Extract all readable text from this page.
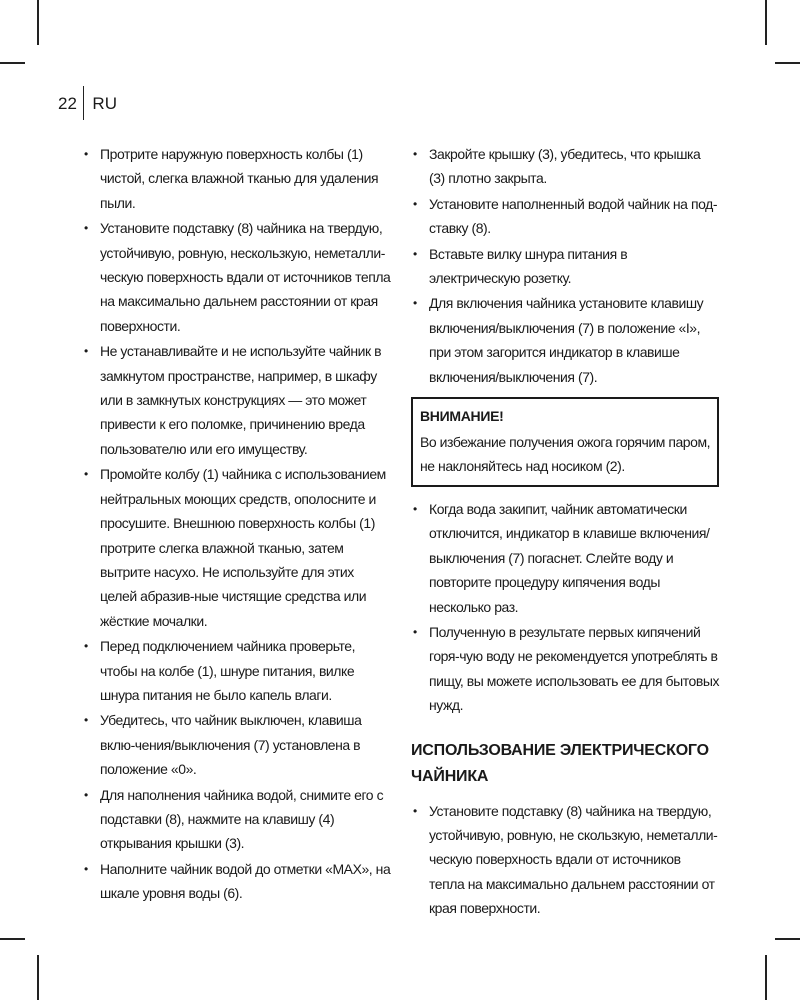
22 RU
• Протрите наружную поверхность колбы (1) чистой, слегка влажной тканью для удаления пыли.
• Установите подставку (8) чайника на твердую, устойчивую, ровную, нескользкую, неметалли-ческую поверхность вдали от источников тепла на максимально дальнем расстоянии от края поверхности.
• Не устанавливайте и не используйте чайник в замкнутом пространстве, например, в шкафу или в замкнутых конструкциях — это может привести к его поломке, причинению вреда пользователю или его имуществу.
• Промойте колбу (1) чайника с использованием нейтральных моющих средств, ополосните и просушите. Внешнюю поверхность колбы (1) протрите слегка влажной тканью, затем вытрите насухо. Не используйте для этих целей абразив-ные чистящие средства или жёсткие мочалки.
• Перед подключением чайника проверьте, чтобы на колбе (1), шнуре питания, вилке шнура питания не было капель влаги.
• Убедитесь, что чайник выключен, клавиша вклю-чения/выключения (7) установлена в положение «0».
• Для наполнения чайника водой, снимите его с подставки (8), нажмите на клавишу (4) открывания крышки (3).
• Наполните чайник водой до отметки «MAX», на шкале уровня воды (6).
• Закройте крышку (3), убедитесь, что крышка (3) плотно закрыта.
• Установите наполненный водой чайник на под-ставку (8).
• Вставьте вилку шнура питания в электрическую розетку.
• Для включения чайника установите клавишу включения/выключения (7) в положение «I», при этом загорится индикатор в клавише включения/выключения (7).
ВНИМАНИЕ!
Во избежание получения ожога горячим паром, не наклоняйтесь над носиком (2).
• Когда вода закипит, чайник автоматически отключится, индикатор в клавише включения/выключения (7) погаснет. Слейте воду и повторите процедуру кипячения воды несколько раз.
• Полученную в результате первых кипячений горя-чую воду не рекомендуется употреблять в пищу, вы можете использовать ее для бытовых нужд.
ИСПОЛЬЗОВАНИЕ ЭЛЕКТРИЧЕСКОГО ЧАЙНИКА
• Установите подставку (8) чайника на твердую, устойчивую, ровную, не скользкую, неметалли-ческую поверхность вдали от источников тепла на максимально дальнем расстоянии от края поверхности.
